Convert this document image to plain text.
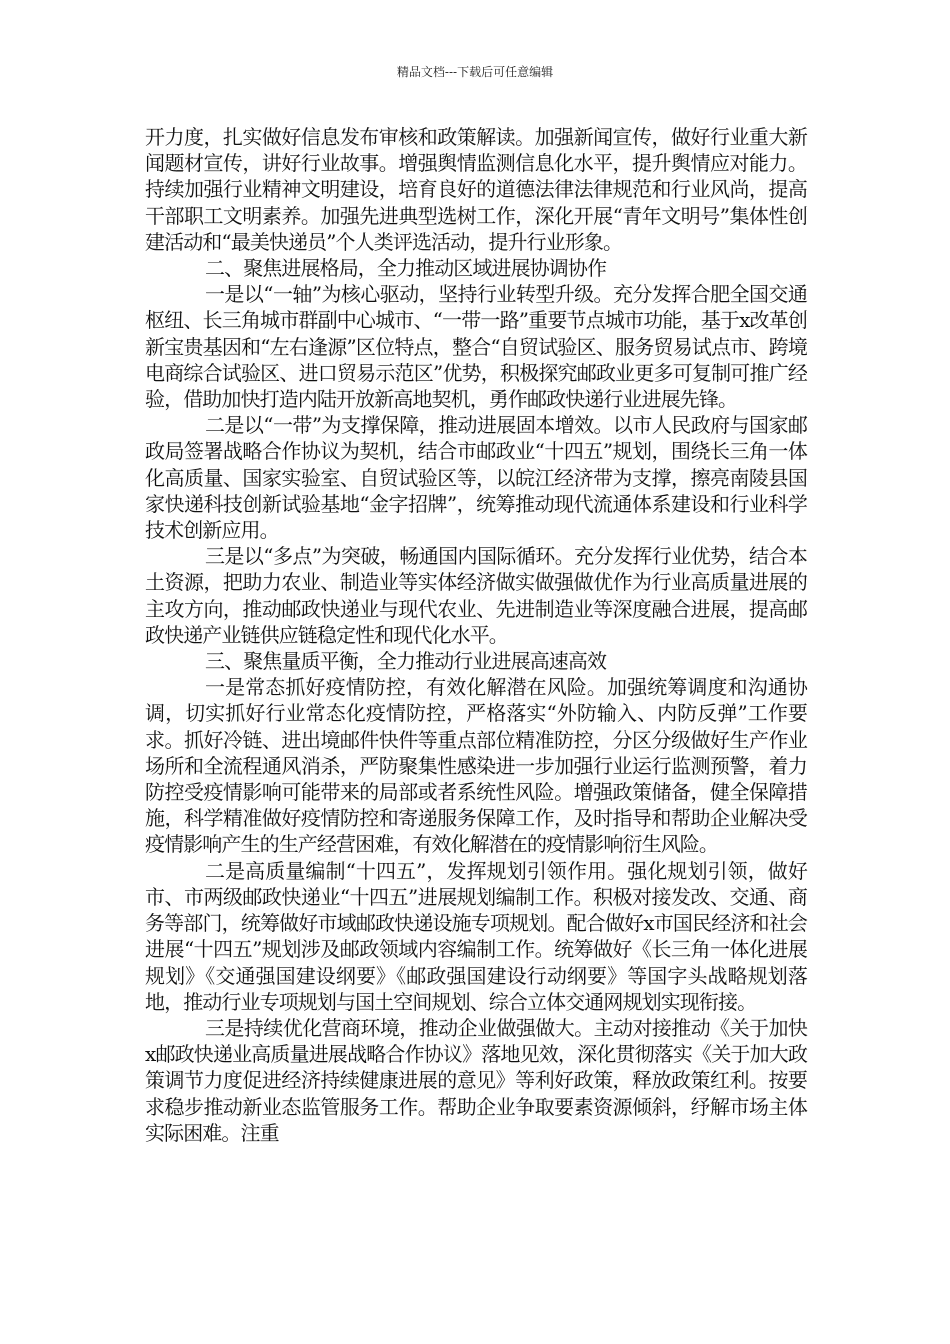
精品文档---下载后可任意编辑

开力度，扎实做好信息发布审核和政策解读。加强新闻宣传，做好行业重大新闻题材宣传，讲好行业故事。增强舆情监测信息化水平，提升舆情应对能力。持续加强行业精神文明建设，培育良好的道德法律法律规范和行业风尚，提高干部职工文明素养。加强先进典型选树工作，深化开展“青年文明号”集体性创建活动和“最美快递员”个人类评选活动，提升行业形象。

二、聚焦进展格局，全力推动区域进展协调协作

一是以“一轴”为核心驱动，坚持行业转型升级。充分发挥合肥全国交通枢纽、长三角城市群副中心城市、“一带一路”重要节点城市功能，基于x改革创新宝贵基因和“左右逢源”区位特点，整合“自贸试验区、服务贸易试点市、跨境电商综合试验区、进口贸易示范区”优势，积极探究邮政业更多可复制可推广经验，借助加快打造内陆开放新高地契机，勇作邮政快递行业进展先锋。

二是以“一带”为支撑保障，推动进展固本增效。以市人民政府与国家邮政局签署战略合作协议为契机，结合市邮政业“十四五”规划，围绕长三角一体化高质量、国家实验室、自贸试验区等，以皖江经济带为支撑，擦亮南陵县国家快递科技创新试验基地“金字招牌”，统筹推动现代流通体系建设和行业科学技术创新应用。

三是以“多点”为突破，畅通国内国际循环。充分发挥行业优势，结合本土资源，把助力农业、制造业等实体经济做实做强做优作为行业高质量进展的主攻方向，推动邮政快递业与现代农业、先进制造业等深度融合进展，提高邮政快递产业链供应链稳定性和现代化水平。

三、聚焦量质平衡，全力推动行业进展高速高效

一是常态抓好疫情防控，有效化解潜在风险。加强统筹调度和沟通协调，切实抓好行业常态化疫情防控，严格落实“外防输入、内防反弹”工作要求。抓好冷链、进出境邮件快件等重点部位精准防控，分区分级做好生产作业场所和全流程通风消杀，严防聚集性感染进一步加强行业运行监测预警，着力防控受疫情影响可能带来的局部或者系统性风险。增强政策储备，健全保障措施，科学精准做好疫情防控和寄递服务保障工作，及时指导和帮助企业解决受疫情影响产生的生产经营困难，有效化解潜在的疫情影响衍生风险。

二是高质量编制“十四五”，发挥规划引领作用。强化规划引领，做好市、市两级邮政快递业“十四五”进展规划编制工作。积极对接发改、交通、商务等部门，统筹做好市域邮政快递设施专项规划。配合做好x市国民经济和社会进展“十四五”规划涉及邮政领域内容编制工作。统筹做好《长三角一体化进展规划》《交通强国建设纲要》《邮政强国建设行动纲要》等国字头战略规划落地，推动行业专项规划与国土空间规划、综合立体交通网规划实现衔接。

三是持续优化营商环境，推动企业做强做大。主动对接推动《关于加快x邮政快递业高质量进展战略合作协议》落地见效，深化贯彻落实《关于加大政策调节力度促进经济持续健康进展的意见》等利好政策，释放政策红利。按要求稳步推动新业态监管服务工作。帮助企业争取要素资源倾斜，纾解市场主体实际困难。注重
